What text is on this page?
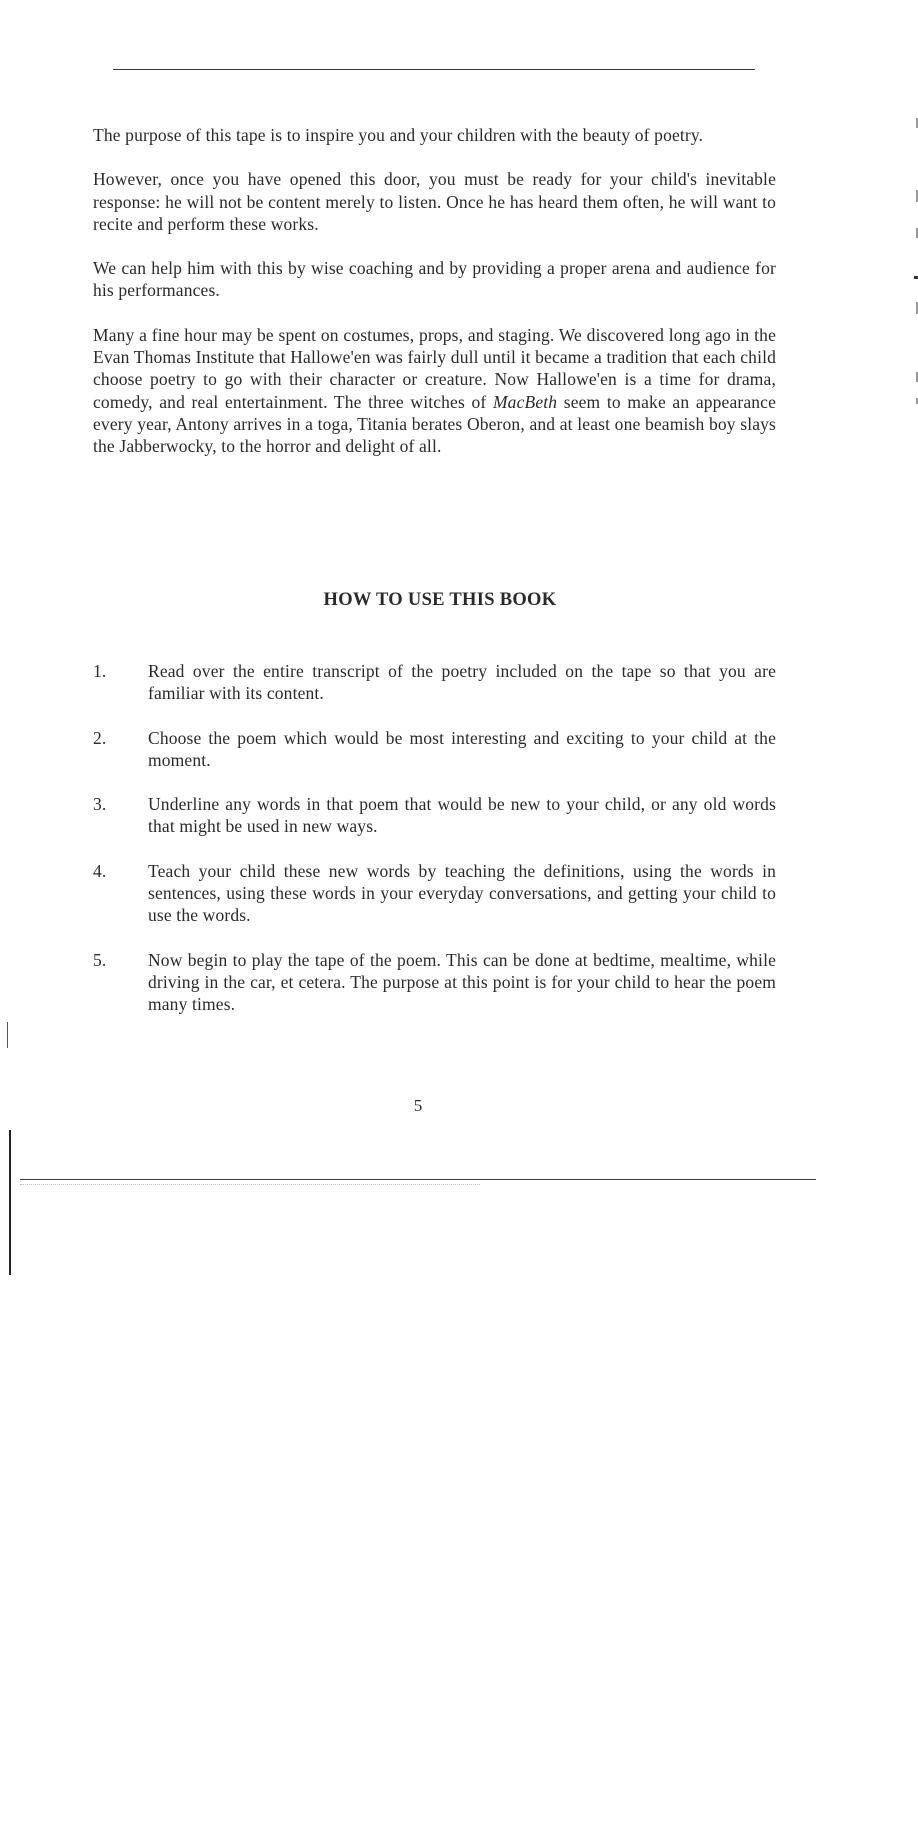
The purpose of this tape is to inspire you and your children with the beauty of poetry.

However, once you have opened this door, you must be ready for your child's inevitable response: he will not be content merely to listen. Once he has heard them often, he will want to recite and perform these works.

We can help him with this by wise coaching and by providing a proper arena and audience for his performances.

Many a fine hour may be spent on costumes, props, and staging. We discovered long ago in the Evan Thomas Institute that Hallowe'en was fairly dull until it became a tradition that each child choose poetry to go with their character or creature. Now Hallowe'en is a time for drama, comedy, and real entertainment. The three witches of MacBeth seem to make an appearance every year, Antony arrives in a toga, Titania berates Oberon, and at least one beamish boy slays the Jabberwocky, to the horror and delight of all.

HOW TO USE THIS BOOK
1.	Read over the entire transcript of the poetry included on the tape so that you are familiar with its content.
2.	Choose the poem which would be most interesting and exciting to your child at the moment.
3.	Underline any words in that poem that would be new to your child, or any old words that might be used in new ways.
4.	Teach your child these new words by teaching the definitions, using the words in sentences, using these words in your everyday conversations, and getting your child to use the words.
5.	Now begin to play the tape of the poem. This can be done at bedtime, mealtime, while driving in the car, et cetera. The purpose at this point is for your child to hear the poem many times.
5
